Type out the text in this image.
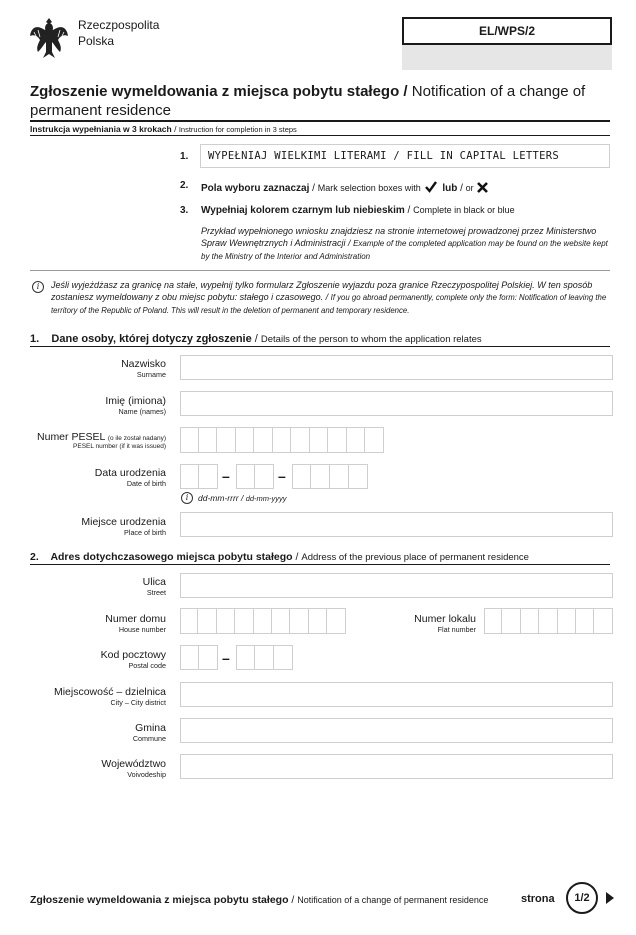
Rzeczpospolita
Polska
EL/WPS/2
Zgłoszenie wymeldowania z miejsca pobytu stałego / Notification of a change of permanent residence
Instrukcja wypełniania w 3 krokach / Instruction for completion in 3 steps
1. WYPEŁNIAJ WIELKIMI LITERAMI / FILL IN CAPITAL LETTERS
2. Pola wyboru zaznaczaj / Mark selection boxes with lub / or
3. Wypełniaj kolorem czarnym lub niebieskim / Complete in black or blue
Przykład wypełnionego wniosku znajdziesz na stronie internetowej prowadzonej przez Ministerstwo Spraw Wewnętrznych i Administracji / Example of the completed application may be found on the website kept by the Ministry of the Interior and Administration
i	Jeśli wyjeżdżasz za granicę na stałe, wypełnij tylko formularz Zgłoszenie wyjazdu poza granice Rzeczypospolitej Polskiej. W ten sposób zostaniesz wymeldowany z obu miejsc pobytu: stałego i czasowego. / If you go abroad permanently, complete only the form: Notification of leaving the territory of the Republic of Poland. This will result in the deletion of permanent and temporary residence.
1. Dane osoby, której dotyczy zgłoszenie / Details of the person to whom the application relates
Nazwisko
Surname
Imię (imiona)
Name (names)
Numer PESEL (o ile został nadany)
PESEL number (if it was issued)
Data urodzenia
Date of birth	–	–
i	dd-mm-rrrr / dd-mm-yyyy
Miejsce urodzenia
Place of birth
2. Adres dotychczasowego miejsca pobytu stałego / Address of the previous place of permanent residence
Ulica
Street
Numer domu
House number
Numer lokalu
Flat number
Kod pocztowy
Postal code	–
Miejscowość – dzielnica
City – City district
Gmina
Commune
Województwo
Voivodeship
Zgłoszenie wymeldowania z miejsca pobytu stałego / Notification of a change of permanent residence	strona	1/2
